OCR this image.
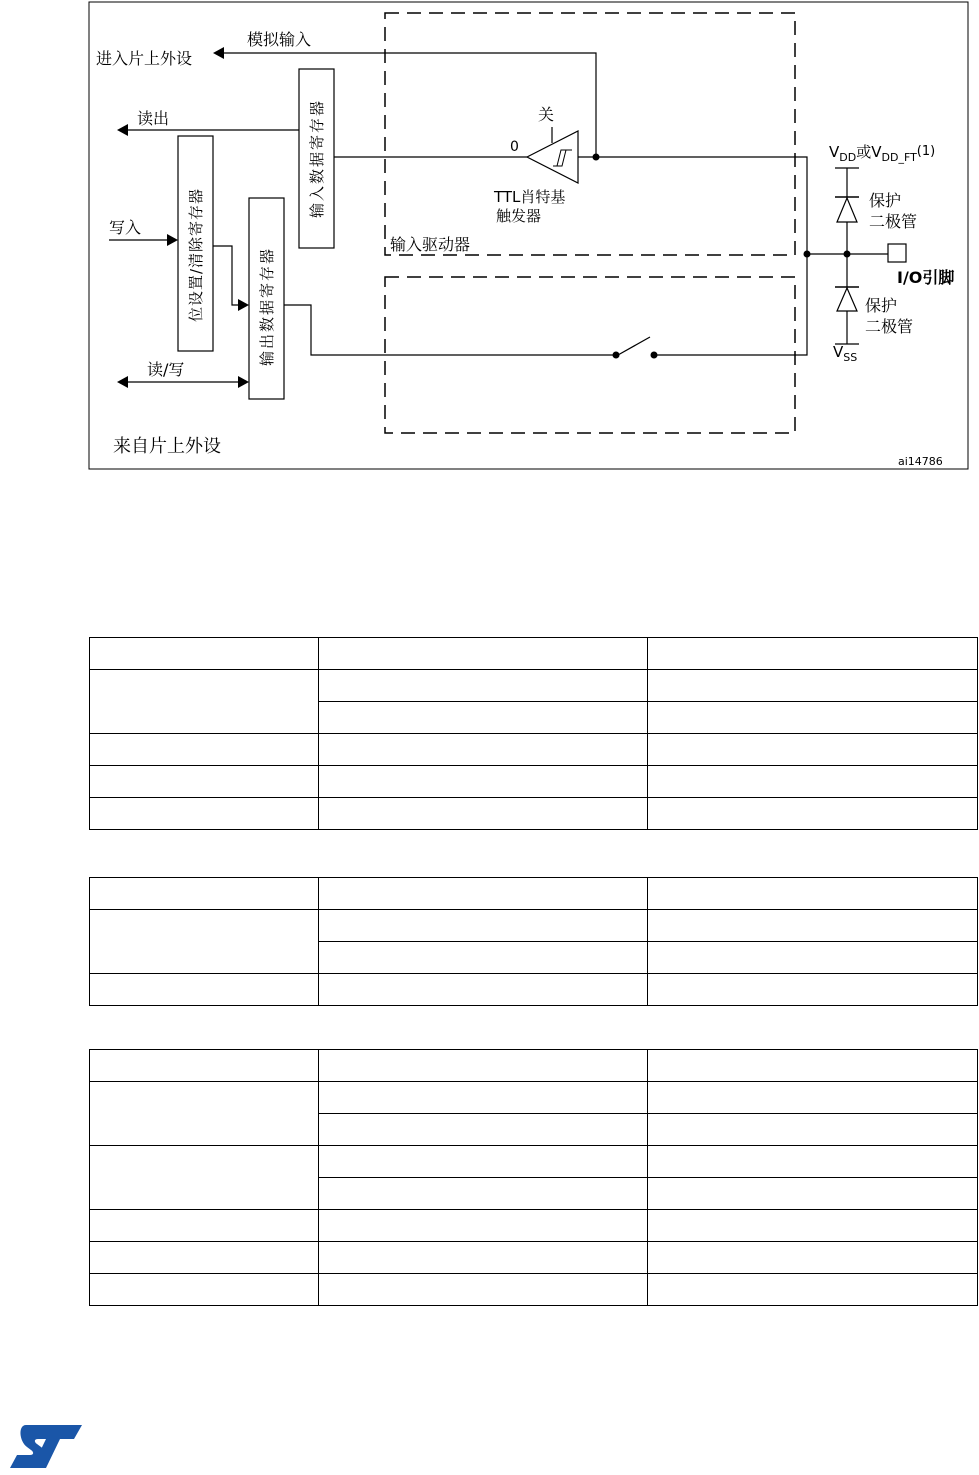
模拟输入
进入片上外设
读出
写入
读/写
来自片上外设
输入数据寄存器
位设置/清除寄存器	输出数据寄存器
关
0
TTL肖特基
触发器
输入驱动器
$V_{DD}$或$V_{DD\_FT}(1)$
保护
二极管
I/O引脚
保护
二极管
$V_{SS}$
ai14786
